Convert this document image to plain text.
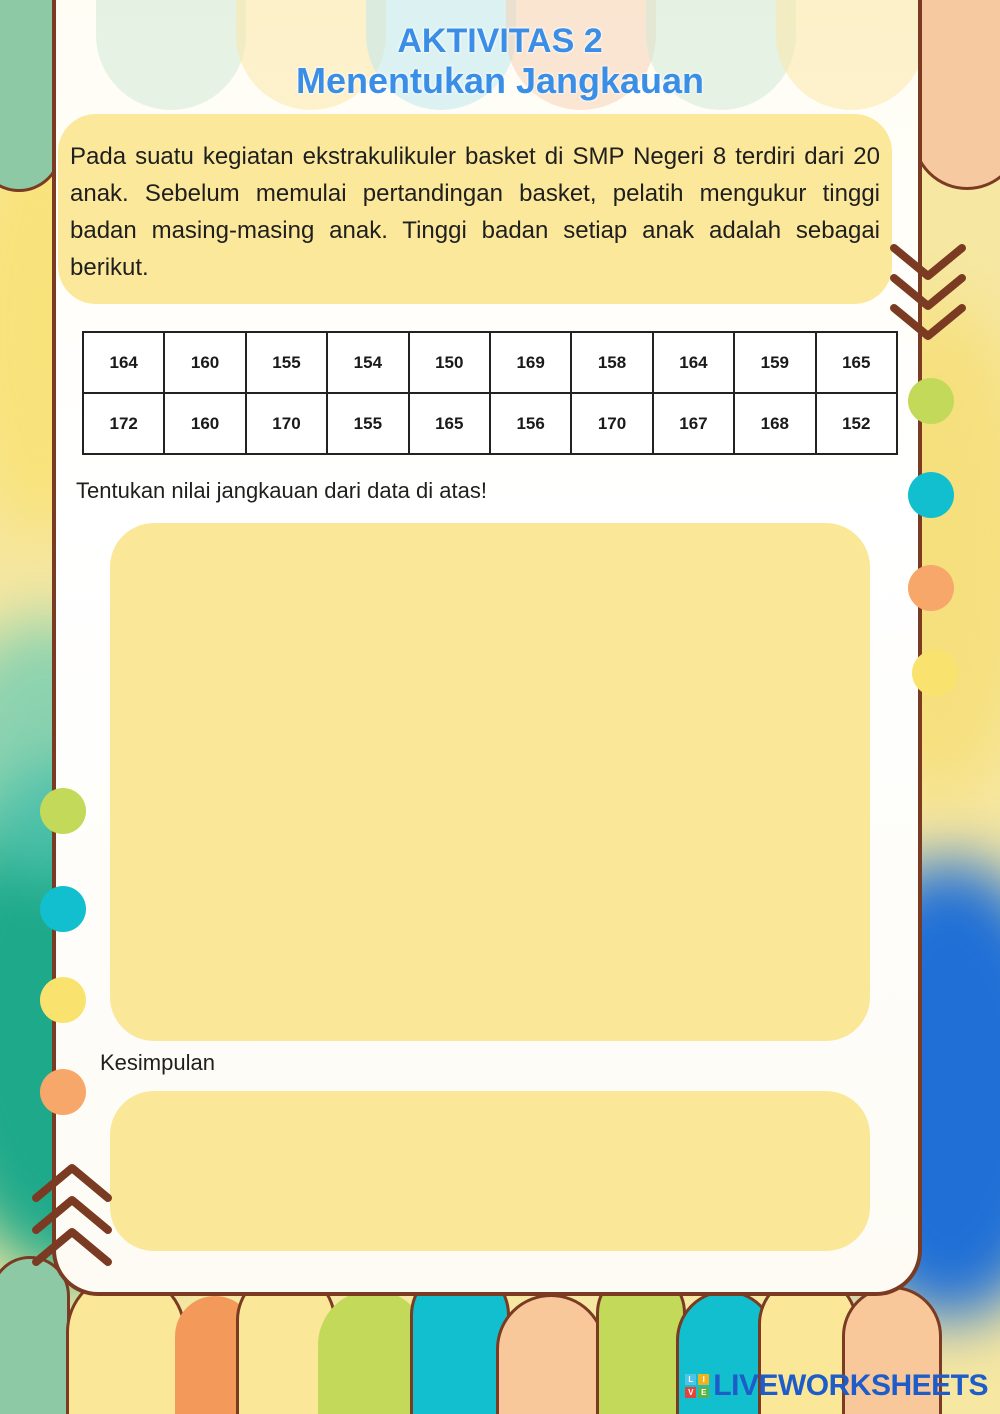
AKTIVITAS 2
Menentukan Jangkauan

Pada suatu kegiatan ekstrakulikuler basket di SMP Negeri 8 terdiri dari 20 anak. Sebelum memulai pertandingan basket, pelatih mengukur tinggi badan masing-masing anak. Tinggi badan setiap anak adalah sebagai berikut.

164	160	155	154	150	169	158	164	159	165
172	160	170	155	165	156	170	167	168	152
Tentukan nilai jangkauan dari data di atas!
Kesimpulan
L	I
V E LIVEWORKSHEETS
